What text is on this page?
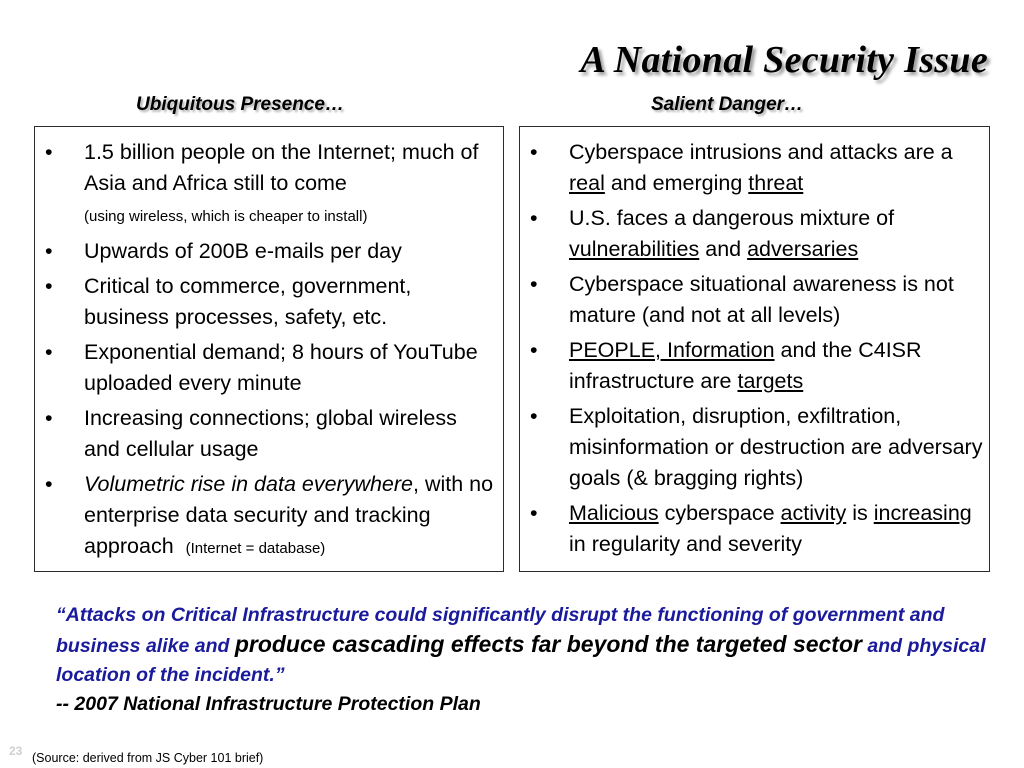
A National Security Issue
Ubiquitous Presence…	Salient Danger…
• 1.5 billion people on the Internet; much of Asia and Africa still to come
(using wireless, which is cheaper to install)
• Upwards of 200B e-mails per day
• Critical to commerce, government, business processes, safety, etc.
• Exponential demand; 8 hours of YouTube uploaded every minute
• Increasing connections; global wireless and cellular usage
• Volumetric rise in data everywhere, with no enterprise data security and tracking approach (Internet = database)
• Cyberspace intrusions and attacks are a real and emerging threat
• U.S. faces a dangerous mixture of vulnerabilities and adversaries
• Cyberspace situational awareness is not mature (and not at all levels)
• PEOPLE, Information and the C4ISR infrastructure are targets
• Exploitation, disruption, exfiltration, misinformation or destruction are adversary goals (& bragging rights)
• Malicious cyberspace activity is increasing in regularity and severity
“Attacks on Critical Infrastructure could significantly disrupt the functioning of government and business alike and produce cascading effects far beyond the targeted sector and physical location of the incident.”
-- 2007 National Infrastructure Protection Plan
23 (Source: derived from JS Cyber 101 brief)
